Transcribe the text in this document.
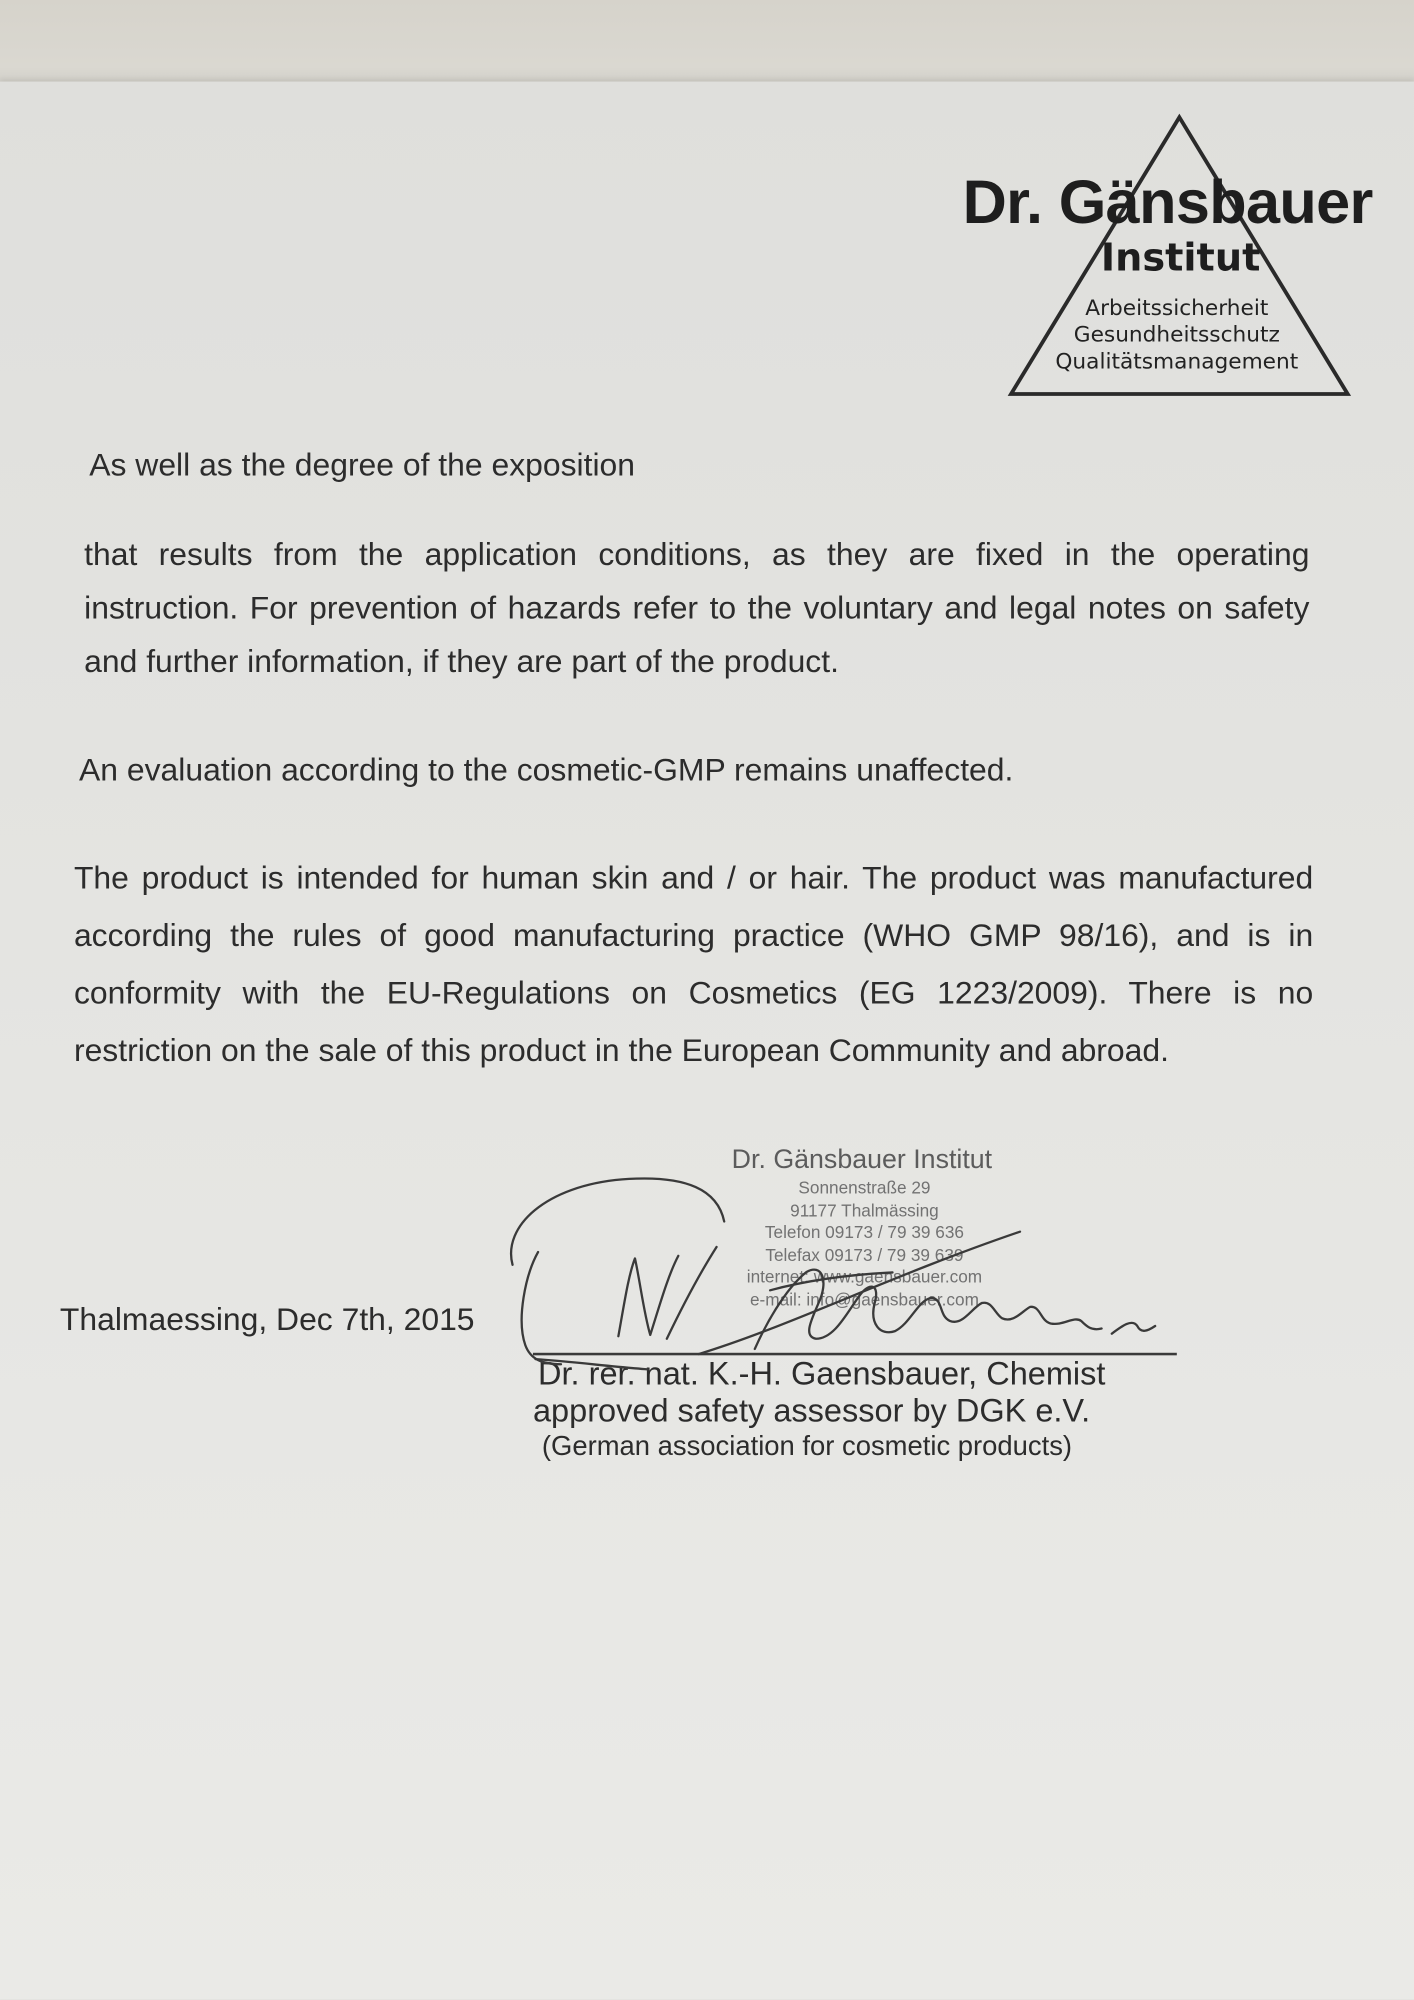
Dr. Gänsbauer
Institut
Arbeitssicherheit
Gesundheitsschutz
Qualitätsmanagement

As well as the degree of the exposition

that results from the application conditions, as they are fixed in the operating
instruction. For prevention of hazards refer to the voluntary and legal notes on safety
and further information, if they are part of the product.

An evaluation according to the cosmetic-GMP remains unaffected.

The product is intended for human skin and / or hair. The product was manufactured
according the rules of good manufacturing practice (WHO GMP 98/16), and is in
conformity with the EU-Regulations on Cosmetics (EG 1223/2009). There is no
restriction on the sale of this product in the European Community and abroad.
Thalmaessing, Dec 7th, 2015
Dr. Gänsbauer Institut
Sonnenstraße 29
91177 Thalmässing
Telefon 09173 / 79 39 636
Telefax 09173 / 79 39 639
internet: www.gaensbauer.com
e-mail: info@gaensbauer.com
Dr. rer. nat. K.-H. Gaensbauer, Chemist
approved safety assessor by DGK e.V.
(German association for cosmetic products)
